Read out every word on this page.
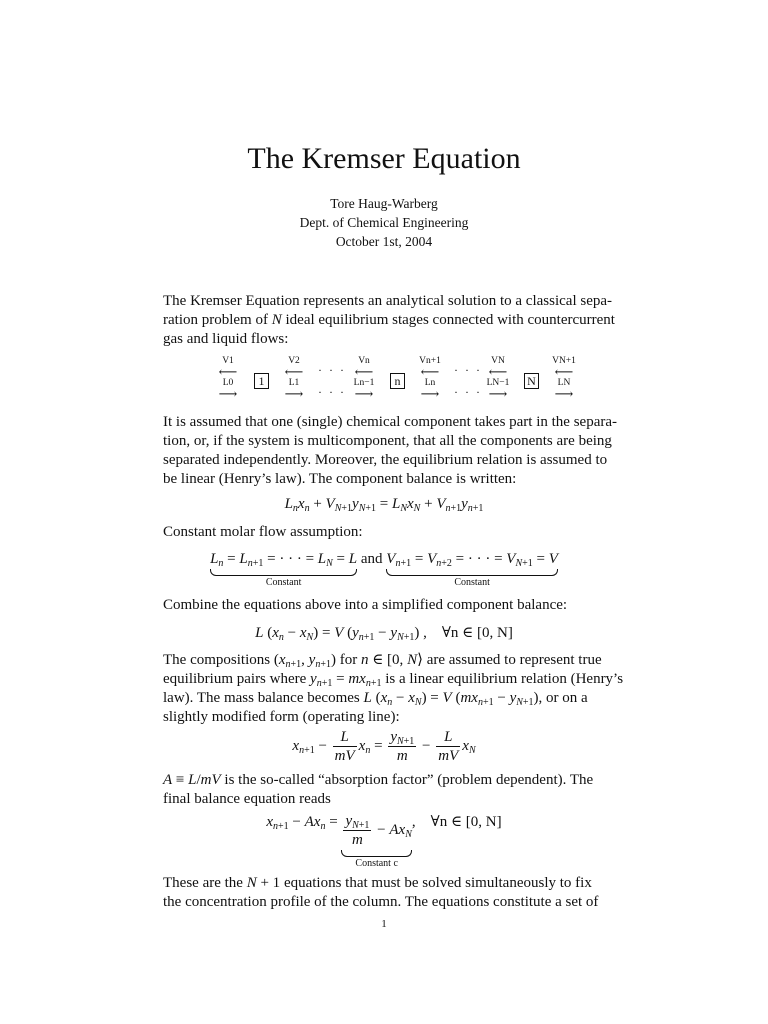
The Kremser Equation
Tore Haug-Warberg
Dept. of Chemical Engineering
October 1st, 2004
The Kremser Equation represents an analytical solution to a classical sepa-
ration problem of N ideal equilibrium stages connected with countercurrent
gas and liquid flows:
V1
⟵
L0
⟶
1
V2
⟵
L1
⟶
· · ·
· · ·
Vn
⟵
Ln−1
⟶
n
Vn+1
⟵
Ln
⟶
· · ·
· · ·
VN
⟵
LN−1
⟶
N
VN+1
⟵
LN
⟶
It is assumed that one (single) chemical component takes part in the separa-
tion, or, if the system is multicomponent, that all the components are being
separated independently. Moreover, the equilibrium relation is assumed to
be linear (Henry’s law). The component balance is written:
$L_nx_n + V_{N+1}y_{N+1} = L_Nx_N + V_{n+1}y_{n+1}$
Constant molar flow assumption:
$L_n = L_{n+1}$ = · · · = $L_N = L$
Constant
and $V_{n+1} = V_{n+2}$ = · · · = $V_{N+1} = V$
Constant
Combine the equations above into a simplified component balance:
L $(x_n - x_N) = V$ $(y_{n+1} - y_{N+1})$ ,    ∀n ∈ [0, N]
The compositions ($x_{n+1}$, $y_{n+1}$) for n ∈ [0, N⟩ are assumed to represent true
equilibrium pairs where $y_{n+1} = mx_{n+1}$ is a linear equilibrium relation (Henry’s
law). The mass balance becomes L $(x_n - x_N) = V$ $(mx_{n+1} - y_{N+1})$, or on a
slightly modified form (operating line):
$x_{n+1} - \frac{L}{mV} x_n = \frac{y_{N+1}}{m} - \frac{L}{mV} x_N$
A ≡ L/mV is the so-called “absorption factor” (problem dependent). The
final balance equation reads
$x_{n+1} - Ax_n = \frac{y_{N+1}}{m} - Ax_N$
Constant c
,    ∀n ∈ [0, N]
These are the N + 1 equations that must be solved simultaneously to fix
the concentration profile of the column. The equations constitute a set of
1
